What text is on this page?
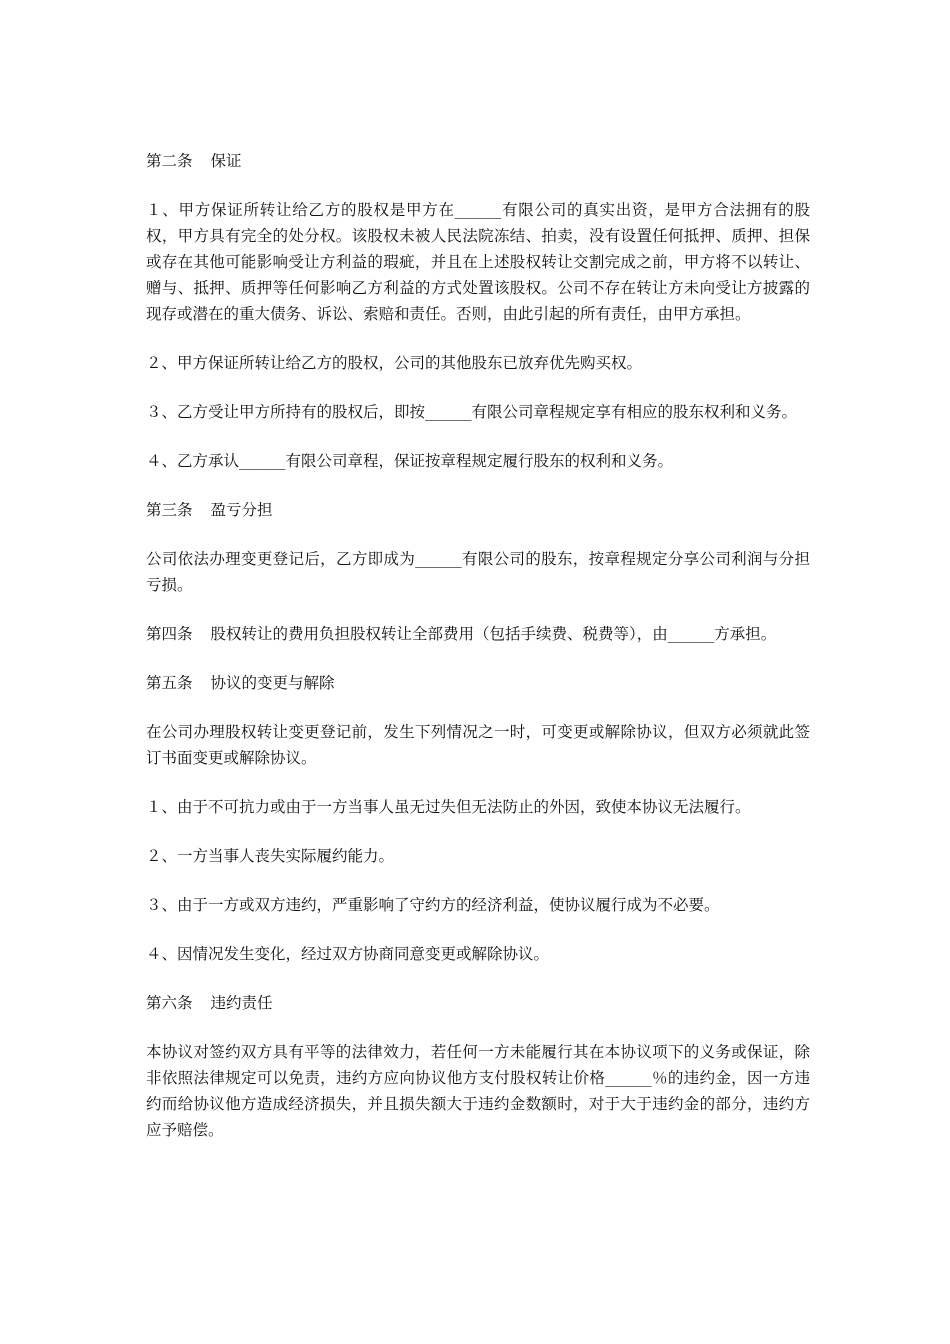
第二条 保证

１、甲方保证所转让给乙方的股权是甲方在______有限公司的真实出资，是甲方合法拥有的股权，甲方具有完全的处分权。该股权未被人民法院冻结、拍卖，没有设置任何抵押、质押、担保或存在其他可能影响受让方利益的瑕疵，并且在上述股权转让交割完成之前，甲方将不以转让、赠与、抵押、质押等任何影响乙方利益的方式处置该股权。公司不存在转让方未向受让方披露的现存或潜在的重大债务、诉讼、索赔和责任。否则，由此引起的所有责任，由甲方承担。

２、甲方保证所转让给乙方的股权，公司的其他股东已放弃优先购买权。

３、乙方受让甲方所持有的股权后，即按______有限公司章程规定享有相应的股东权利和义务。

４、乙方承认______有限公司章程，保证按章程规定履行股东的权利和义务。

第三条 盈亏分担

公司依法办理变更登记后，乙方即成为______有限公司的股东，按章程规定分享公司利润与分担亏损。

第四条 股权转让的费用负担股权转让全部费用（包括手续费、税费等），由______方承担。

第五条 协议的变更与解除

在公司办理股权转让变更登记前，发生下列情况之一时，可变更或解除协议，但双方必须就此签订书面变更或解除协议。

１、由于不可抗力或由于一方当事人虽无过失但无法防止的外因，致使本协议无法履行。

２、一方当事人丧失实际履约能力。

３、由于一方或双方违约，严重影响了守约方的经济利益，使协议履行成为不必要。

４、因情况发生变化，经过双方协商同意变更或解除协议。

第六条 违约责任

本协议对签约双方具有平等的法律效力，若任何一方未能履行其在本协议项下的义务或保证，除非依照法律规定可以免责，违约方应向协议他方支付股权转让价格______％的违约金，因一方违约而给协议他方造成经济损失，并且损失额大于违约金数额时，对于大于违约金的部分，违约方应予赔偿。
